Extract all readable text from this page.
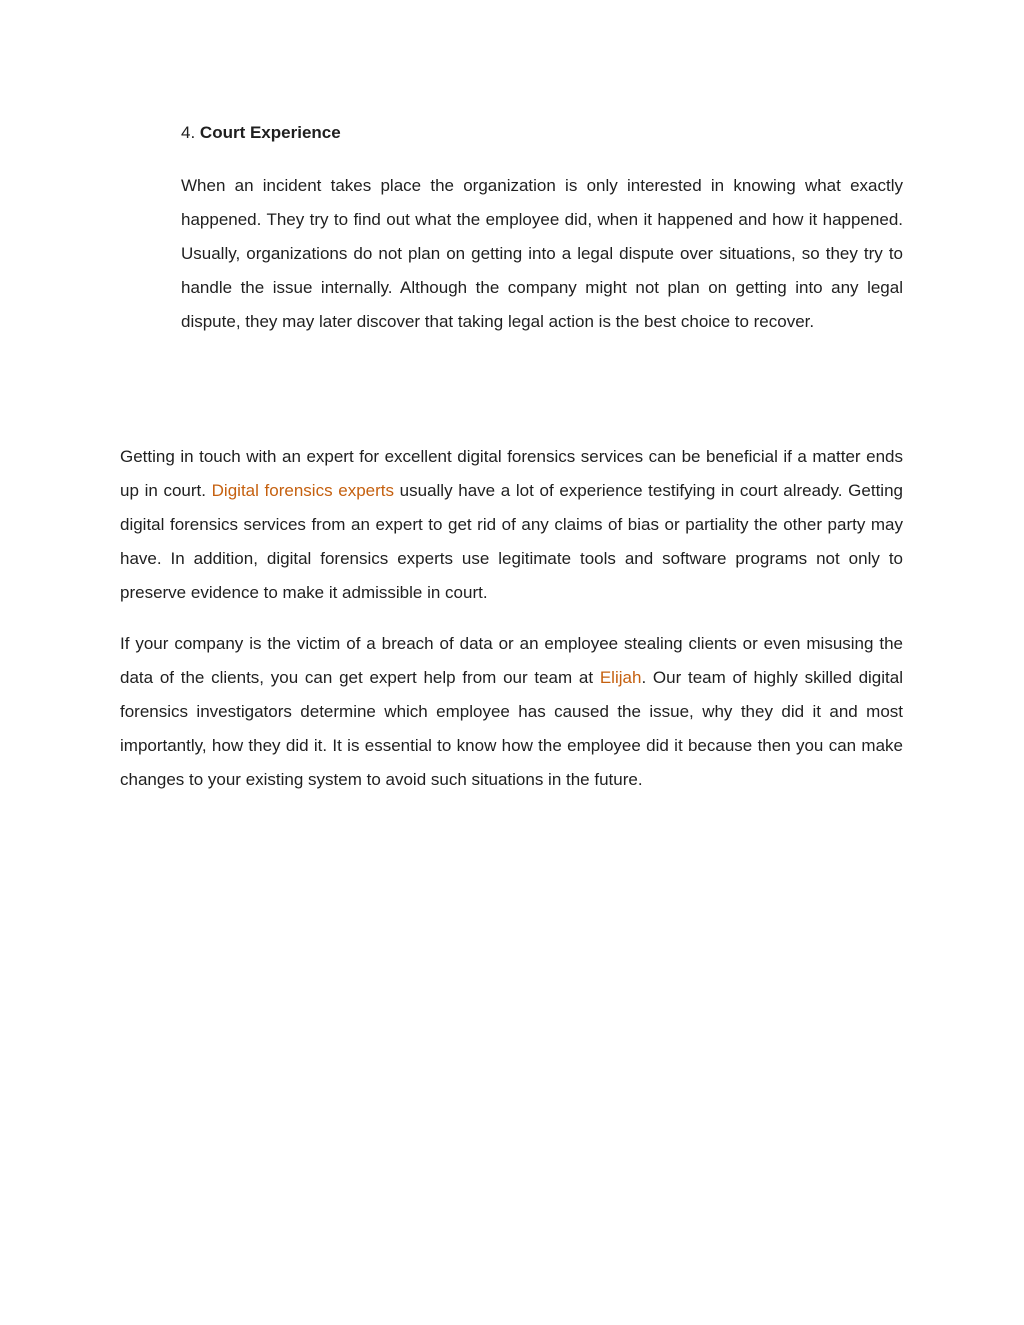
4. Court Experience

When an incident takes place the organization is only interested in knowing what exactly happened. They try to find out what the employee did, when it happened and how it happened. Usually, organizations do not plan on getting into a legal dispute over situations, so they try to handle the issue internally. Although the company might not plan on getting into any legal dispute, they may later discover that taking legal action is the best choice to recover.

Getting in touch with an expert for excellent digital forensics services can be beneficial if a matter ends up in court. Digital forensics experts usually have a lot of experience testifying in court already. Getting digital forensics services from an expert to get rid of any claims of bias or partiality the other party may have. In addition, digital forensics experts use legitimate tools and software programs not only to preserve evidence to make it admissible in court.

If your company is the victim of a breach of data or an employee stealing clients or even misusing the data of the clients, you can get expert help from our team at Elijah. Our team of highly skilled digital forensics investigators determine which employee has caused the issue, why they did it and most importantly, how they did it. It is essential to know how the employee did it because then you can make changes to your existing system to avoid such situations in the future.
